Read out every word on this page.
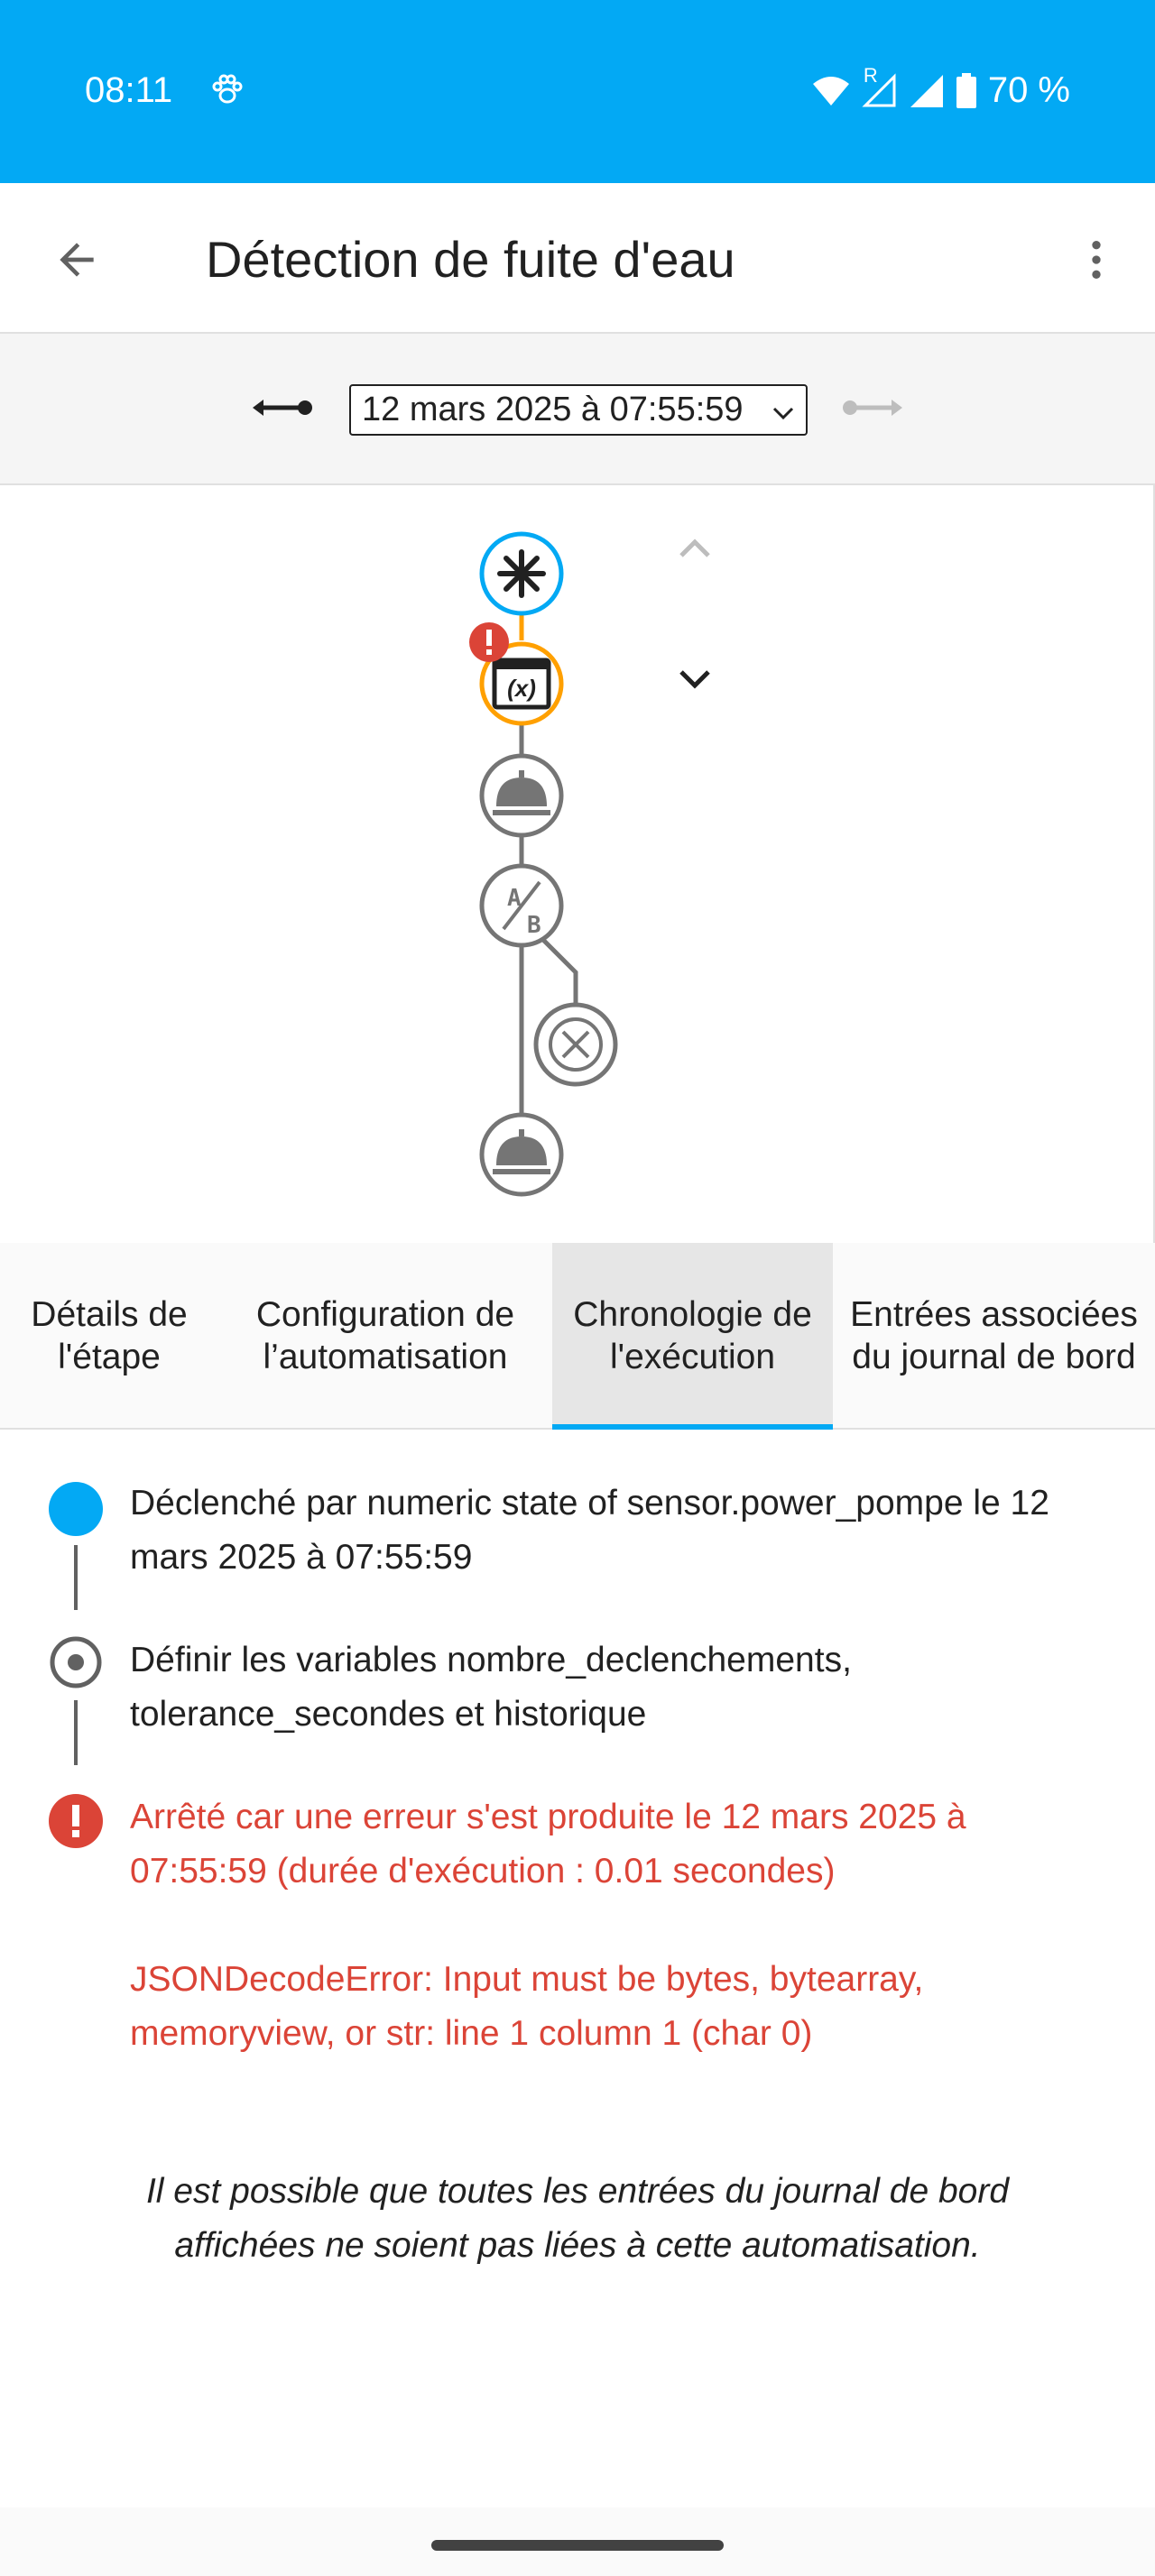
08:11	R	70 %
Détection de fuite d'eau
12 mars 2025 à 07:55:59
(x)
A
B
Détails de l'étape
Configuration de l’automatisation
Chronologie de l'exécution
Entrées associées du journal de bord
Déclenché par numeric state of sensor.power_pompe le 12 mars 2025 à 07:55:59
Définir les variables nombre_declenchements, tolerance_secondes et historique
Arrêté car une erreur s'est produite le 12 mars 2025 à 07:55:59 (durée d'exécution : 0.01 secondes)
JSONDecodeError: Input must be bytes, bytearray, memoryview, or str: line 1 column 1 (char 0)
Il est possible que toutes les entrées du journal de bord affichées ne soient pas liées à cette automatisation.
